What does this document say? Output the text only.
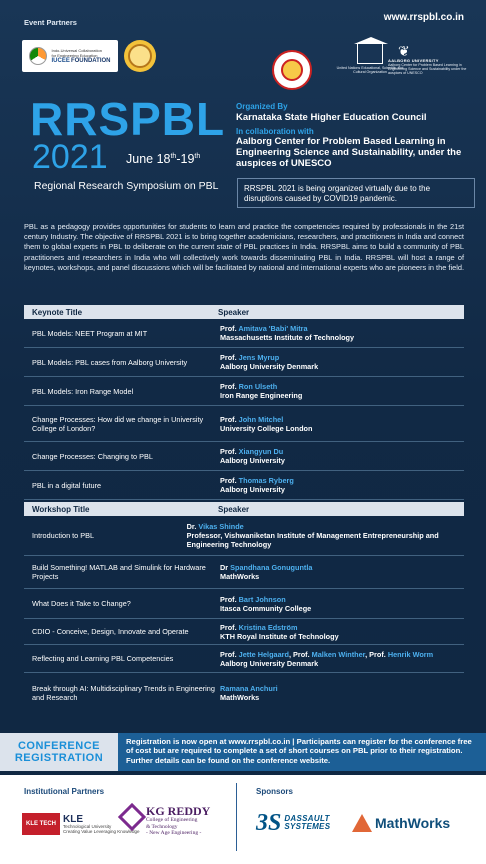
Event Partners	www.rrspbl.co.in
Indo-Universal Collaboration
for Engineering Education
IUCEE FOUNDATION
United Nations Educational, Scientific and Cultural Organization
❦
AALBORG UNIVERSITY
Aalborg Center for Problem Based Learning in Engineering Science and Sustainability under the auspices of UNESCO
RRSPBL
2021 June 18th-19th
Regional Research Symposium on PBL
Organized By
Karnataka State Higher Education Council
In collaboration with
Aalborg Center for Problem Based Learning in Engineering Science and Sustainability, under the auspices of UNESCO
RRSPBL 2021 is being organized virtually due to the disruptions caused by COVID19 pandemic.
PBL as a pedagogy provides opportunities for students to learn and practice the competencies required by professionals in the 21st century Industry. The objective of RRSPBL 2021 is to bring together academicians, researchers, and practitioners in India and connect them to global experts in PBL to deliberate on the current state of PBL practices in India. RRSPBL aims to build a community of PBL practitioners and researchers in India who will collectively work towards disseminating PBL in India. RRSPBL will host a range of keynotes, workshops, and panel discussions which will be facilitated by national and international experts who are pioneers in the field.
Keynote Title	Speaker
PBL Models: NEET Program at MIT	Prof. Amitava 'Babi' Mitra
Massachusetts Institute of Technology
PBL Models: PBL cases from Aalborg University	Prof. Jens Myrup
Aalborg University Denmark
PBL Models: Iron Range Model	Prof. Ron Ulseth
Iron Range Engineering
Change Processes: How did we change in University College of London?
Prof. John Mitchel
University College London
Change Processes: Changing to PBL	Prof. Xiangyun Du
Aalborg University
PBL in a digital future	Prof. Thomas Ryberg
Aalborg University
Workshop Title	Speaker
Introduction to PBL
Dr. Vikas Shinde
Professor, Vishwaniketan Institute of Management Entrepreneurship and Engineering Technology
Build Something! MATLAB and Simulink for Hardware Projects
Dr Spandhana Gonuguntla
MathWorks
What Does it Take to Change?	Prof. Bart Johnson
Itasca Community College
CDIO - Conceive, Design, Innovate and Operate	Prof. Kristina Edström
KTH Royal Institute of Technology
Reflecting and Learning PBL Competencies	Prof. Jette Helgaard, Prof. Malken Winther, Prof. Henrik Worm
Aalborg University Denmark
Break through AI: Multidisciplinary Trends in Engineering and Research
Ramana Anchuri
MathWorks
CONFERENCE
REGISTRATION
Registration is now open at www.rrspbl.co.in | Participants can register for the conference free of cost but are required to complete a set of short courses on PBL prior to their registration. Further details can be found on the conference website.
Institutional Partners	Sponsors
KLE TECH KLE
Technological University
Creating Value Leveraging Knowledge
KG REDDY
College of Engineering
& Technology
- New Age Engineering -	3S DASSAULT
SYSTEMES	MathWorks
